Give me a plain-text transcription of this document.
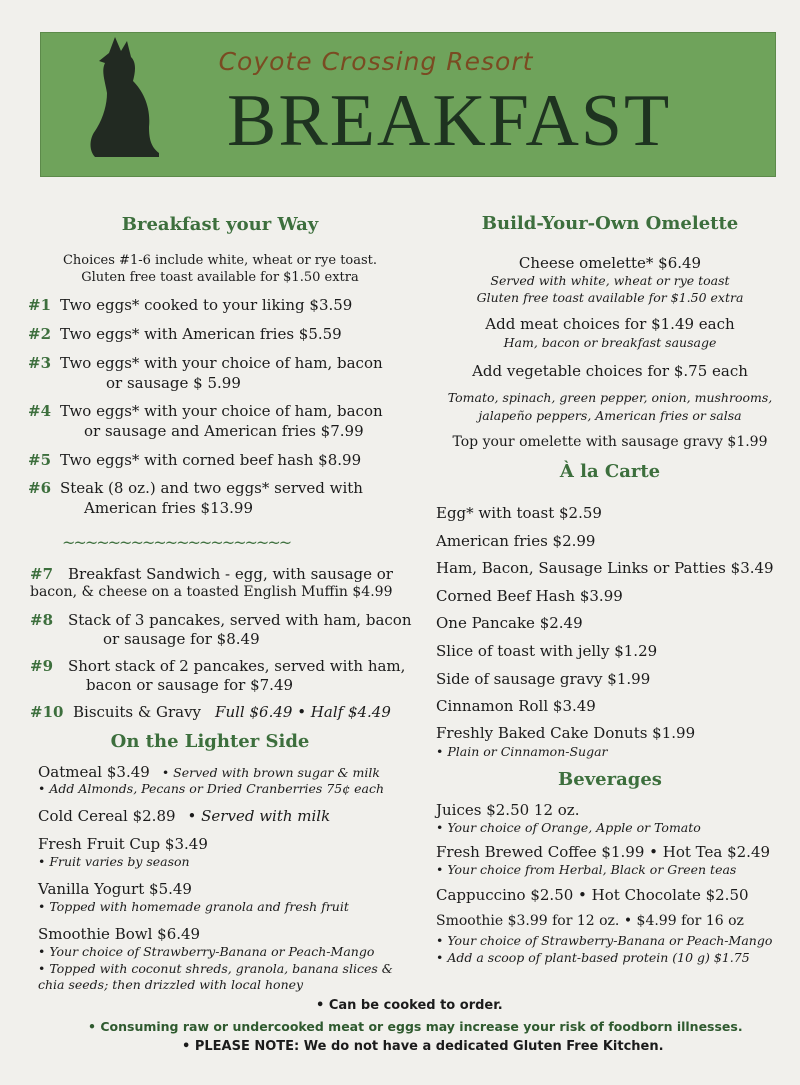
Coyote Crossing Resort
BREAKFAST
Breakfast your Way
Choices #1-6 include white, wheat or rye toast.
Gluten free toast available for $1.50 extra
#1 Two eggs* cooked to your liking $3.59
#2 Two eggs* with American fries $5.59
#3 Two eggs* with your choice of ham, bacon
or sausage $ 5.99
#4 Two eggs* with your choice of ham, bacon
or sausage and American fries $7.99
#5 Two eggs* with corned beef hash $8.99
#6 Steak (8 oz.) and two eggs* served with
American fries $13.99
~~~~~~~~~~~~~~~~~~~~
#7 Breakfast Sandwich - egg, with sausage or
bacon, & cheese on a toasted English Muffin $4.99
#8 Stack of 3 pancakes, served with ham, bacon
or sausage for $8.49
#9 Short stack of 2 pancakes, served with ham,
bacon or sausage for $7.49
#10 Biscuits & Gravy Full $6.49 • Half $4.49
On the Lighter Side
Oatmeal $3.49 • Served with brown sugar & milk
• Add Almonds, Pecans or Dried Cranberries 75¢ each
Cold Cereal $2.89 • Served with milk
Fresh Fruit Cup $3.49
• Fruit varies by season
Vanilla Yogurt $5.49
• Topped with homemade granola and fresh fruit
Smoothie Bowl $6.49
• Your choice of Strawberry-Banana or Peach-Mango
• Topped with coconut shreds, granola, banana slices &
chia seeds; then drizzled with local honey
Build-Your-Own Omelette
Cheese omelette* $6.49
Served with white, wheat or rye toast
Gluten free toast available for $1.50 extra
Add meat choices for $1.49 each
Ham, bacon or breakfast sausage
Add vegetable choices for $.75 each
Tomato, spinach, green pepper, onion, mushrooms,
jalapeño peppers, American fries or salsa
Top your omelette with sausage gravy $1.99
À la Carte
Egg* with toast $2.59
American fries $2.99
Ham, Bacon, Sausage Links or Patties $3.49
Corned Beef Hash $3.99
One Pancake $2.49
Slice of toast with jelly $1.29
Side of sausage gravy $1.99
Cinnamon Roll $3.49
Freshly Baked Cake Donuts $1.99
• Plain or Cinnamon-Sugar
Beverages
Juices $2.50 12 oz.
• Your choice of Orange, Apple or Tomato
Fresh Brewed Coffee $1.99 • Hot Tea $2.49
• Your choice from Herbal, Black or Green teas
Cappuccino $2.50 • Hot Chocolate $2.50
Smoothie $3.99 for 12 oz. • $4.99 for 16 oz
• Your choice of Strawberry-Banana or Peach-Mango
• Add a scoop of plant-based protein (10 g) $1.75
• Can be cooked to order.
• Consuming raw or undercooked meat or eggs may increase your risk of foodborn illnesses.
• PLEASE NOTE: We do not have a dedicated Gluten Free Kitchen.
